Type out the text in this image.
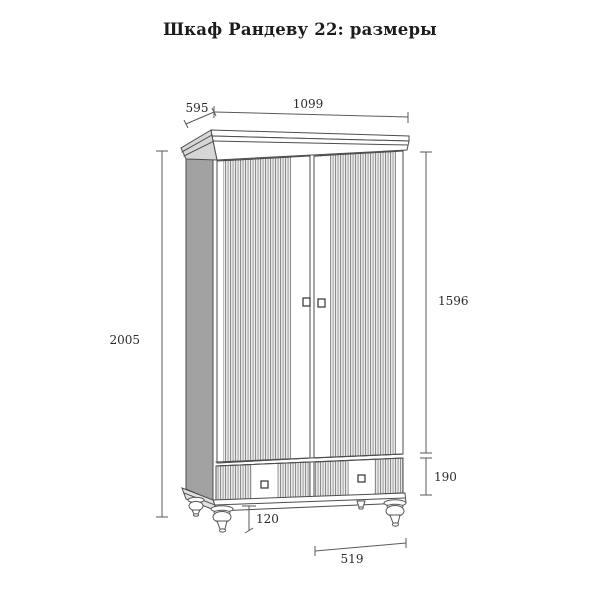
Шкаф Рандеву 22: размеры
595	1099
2005
1596
190
120
519
